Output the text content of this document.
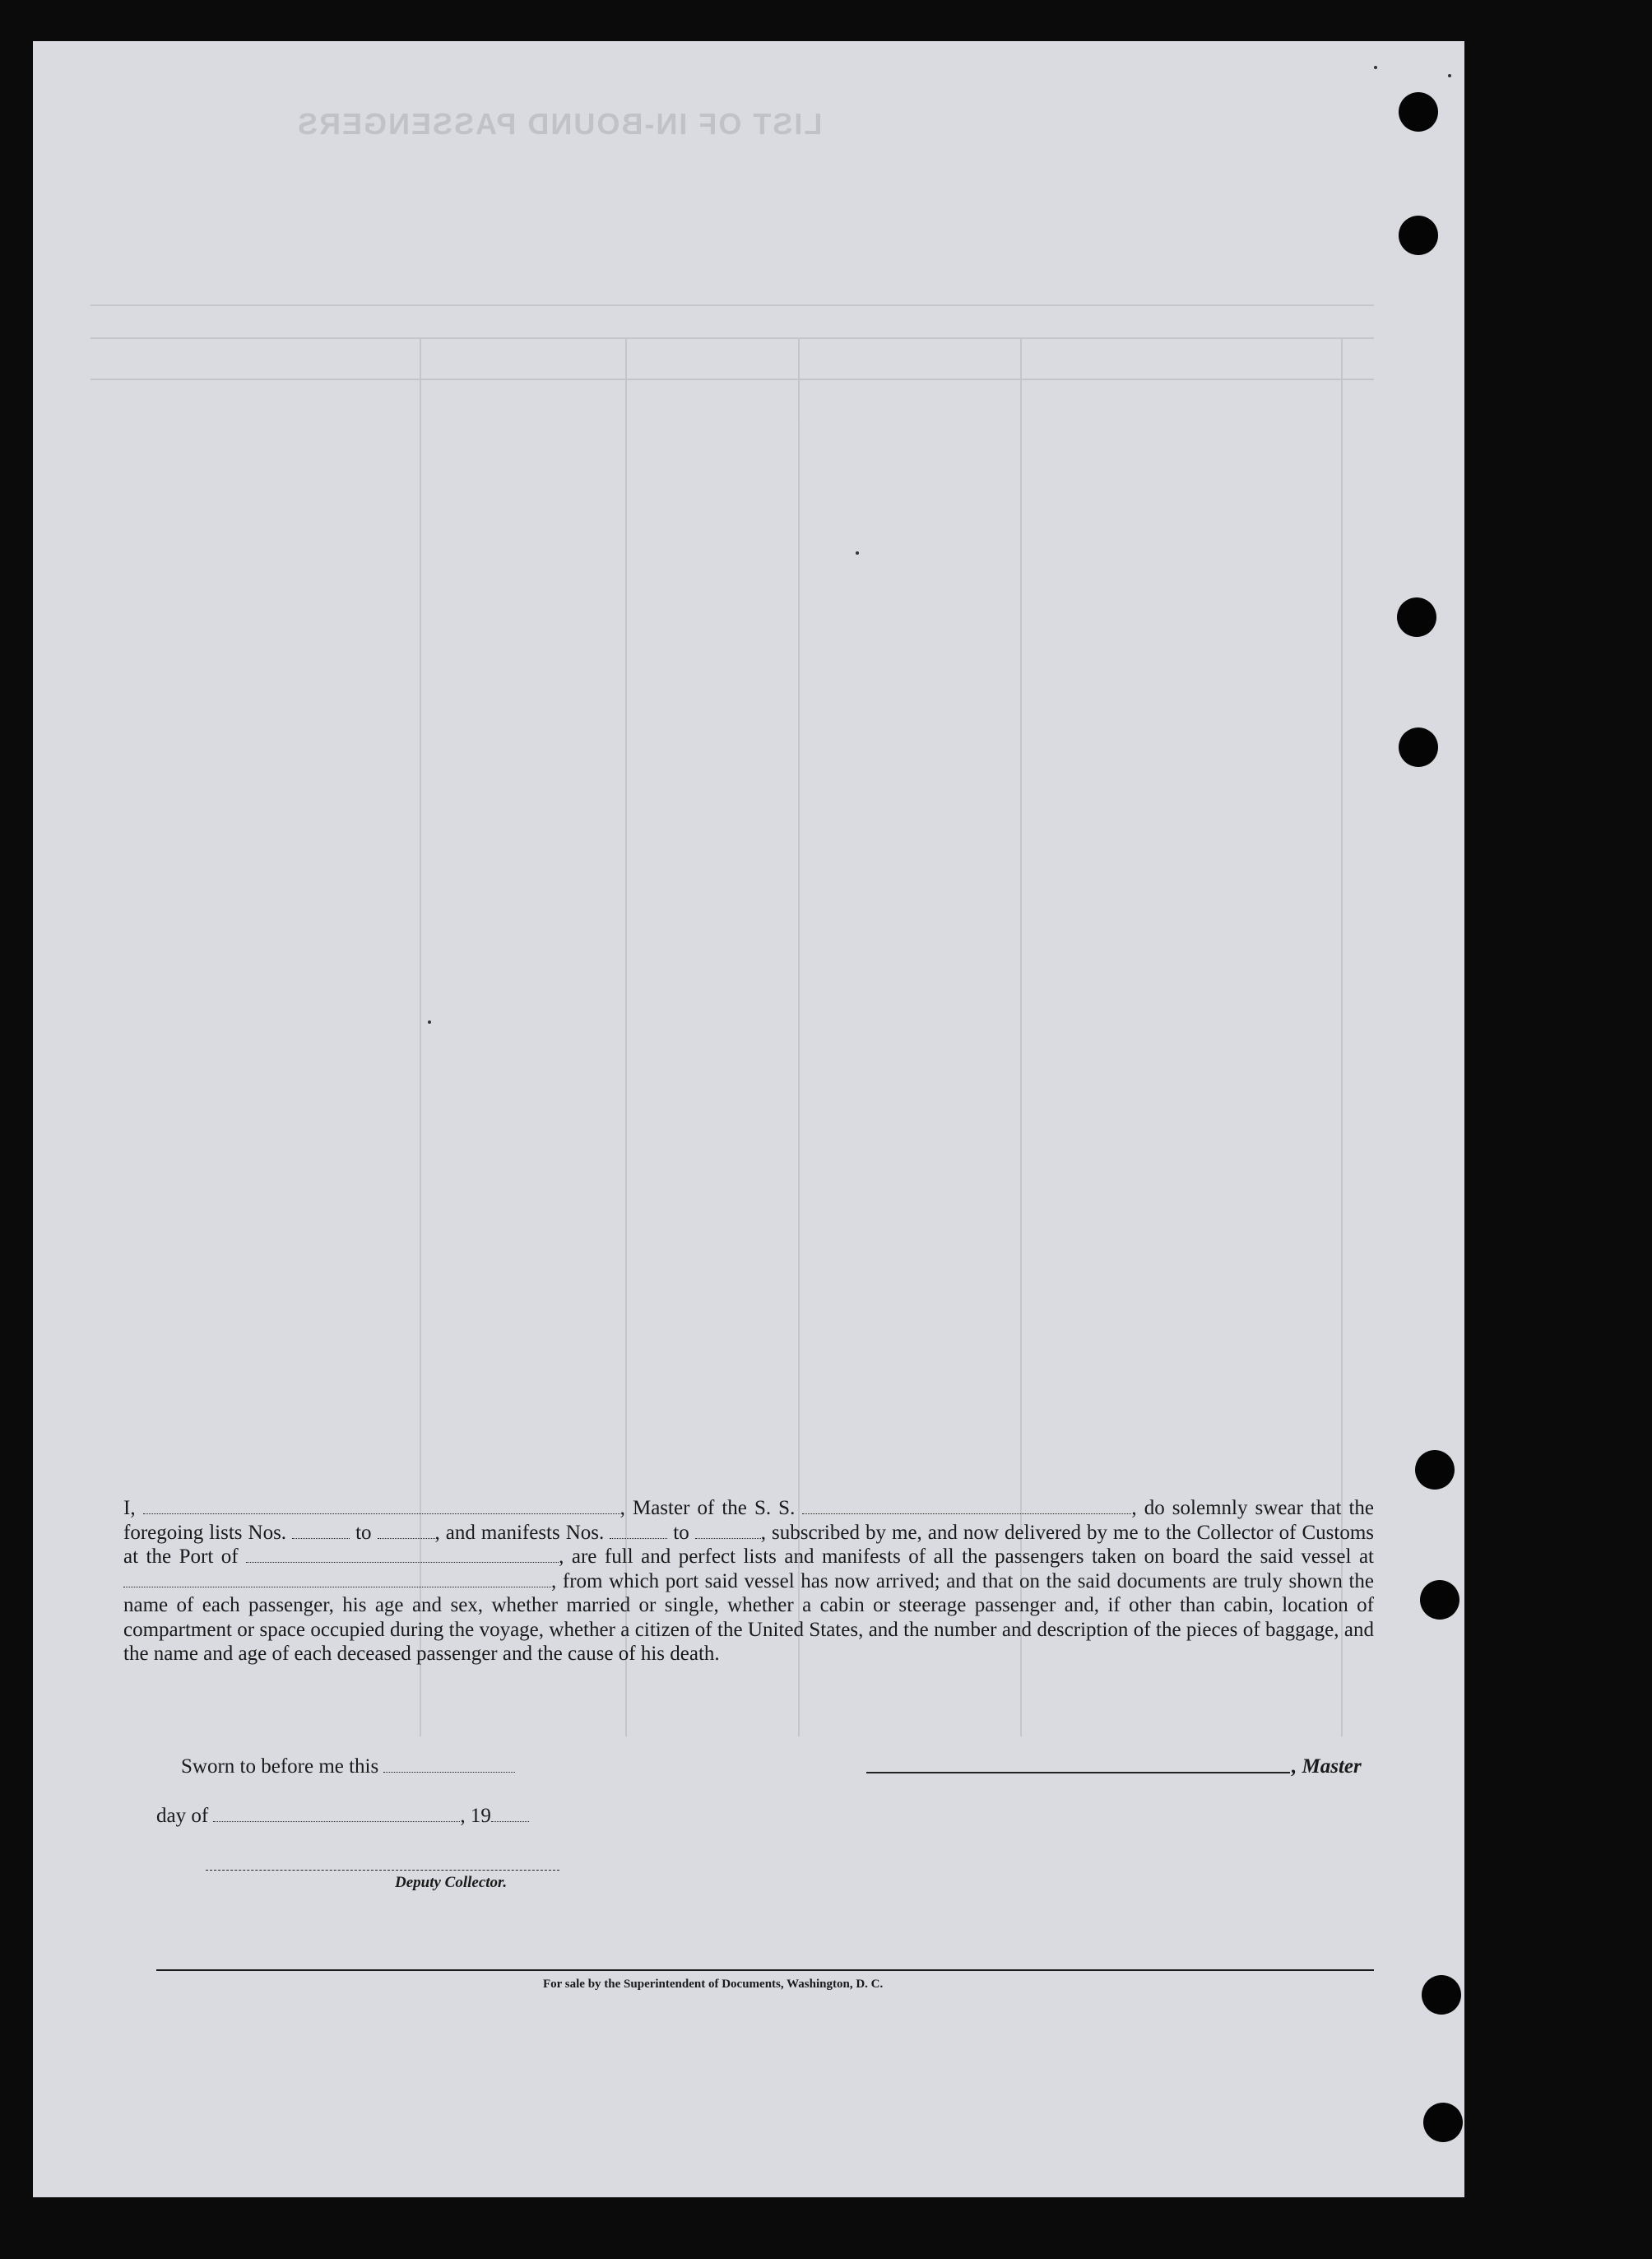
LIST OF IN-BOUND PASSENGERS

I,	, Master of the S. S.	, do solemnly swear that the foregoing lists Nos.	to	, and manifests Nos.	to	, subscribed by me, and now delivered by me to the Collector of Customs at the Port of	, are full and perfect lists and manifests of all the passengers taken on board the said vessel at , from which port said vessel has now arrived; and that on the said documents are truly shown the name of each passenger, his age and sex, whether married or single, whether a cabin or steerage passenger and, if other than cabin, location of compartment or space occupied during the voyage, whether a citizen of the United States, and the number and description of the pieces of baggage, and the name and age of each deceased passenger and the cause of his death.

Sworn to before me this	, Master
day of	, 19
Deputy Collector.
For sale by the Superintendent of Documents, Washington, D. C.
